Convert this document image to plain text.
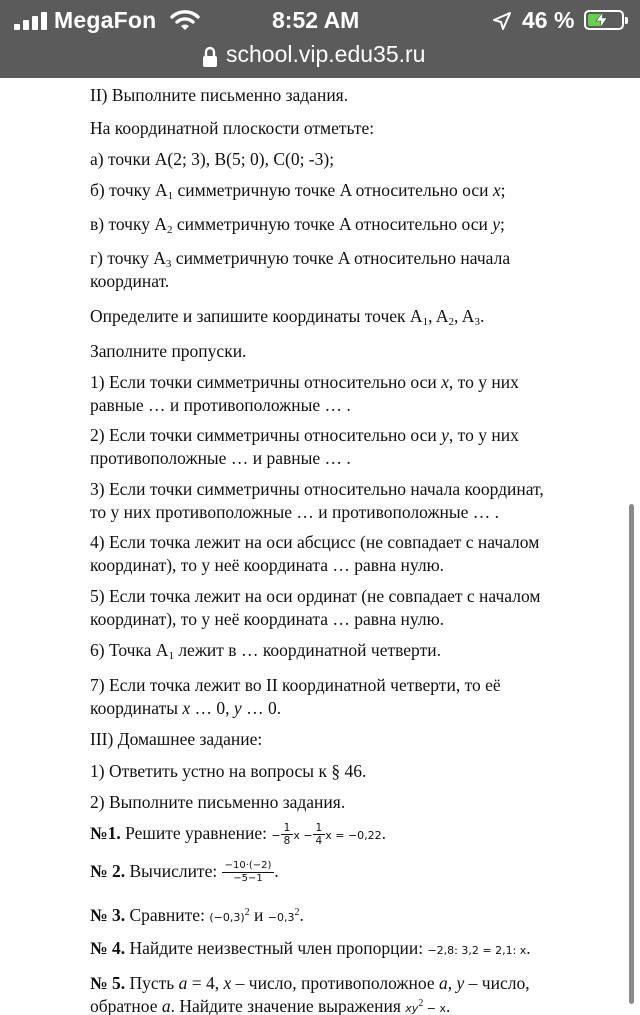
MegaFon	8:52 AM	46 %
school.vip.edu35.ru

II) Выполните письменно задания.

На координатной плоскости отметьте:

а) точки A(2; 3), B(5; 0), C(0; -3);

б) точку $A_1$ симметричную точке A относительно оси x;

в) точку $A_2$ симметричную точке A относительно оси y;

г) точку $A_3$ симметричную точке A относительно начала
координат.

Определите и запишите координаты точек $A_1$, $A_2$, $A_3$.

Заполните пропуски.

1) Если точки симметричны относительно оси x, то у них
равные … и противоположные … .

2) Если точки симметричны относительно оси y, то у них
противоположные … и равные … .

3) Если точки симметричны относительно начала координат,
то у них противоположные … и противоположные … .

4) Если точка лежит на оси абсцисс (не совпадает с началом
координат), то у неё координата … равна нулю.

5) Если точка лежит на оси ординат (не совпадает с началом
координат), то у неё координата … равна нулю.

6) Точка $A_1$ лежит в … координатной четверти.

7) Если точка лежит во II координатной четверти, то её
координаты x … 0, y … 0.

III) Домашнее задание:

1) Ответить устно на вопросы к § 46.

2) Выполните письменно задания.

№1. Решите уравнение: − $\frac{1}{8}$ $x - \frac{1}{4}$ x = −0,22.

№ 2. Вычислите: $\frac{-10\cdot(-2)}{-5-1}$ .

№ 3. Сравните: $(-0,3)^2$ $и -0,3^2$.

№ 4. Найдите неизвестный член пропорции: −2,8: 3,2 = 2,1: x.

№ 5. Пусть a = 4, x – число, противоположное a, y – число,
обратное a. Найдите значение выражения $xy^2 - x$.
